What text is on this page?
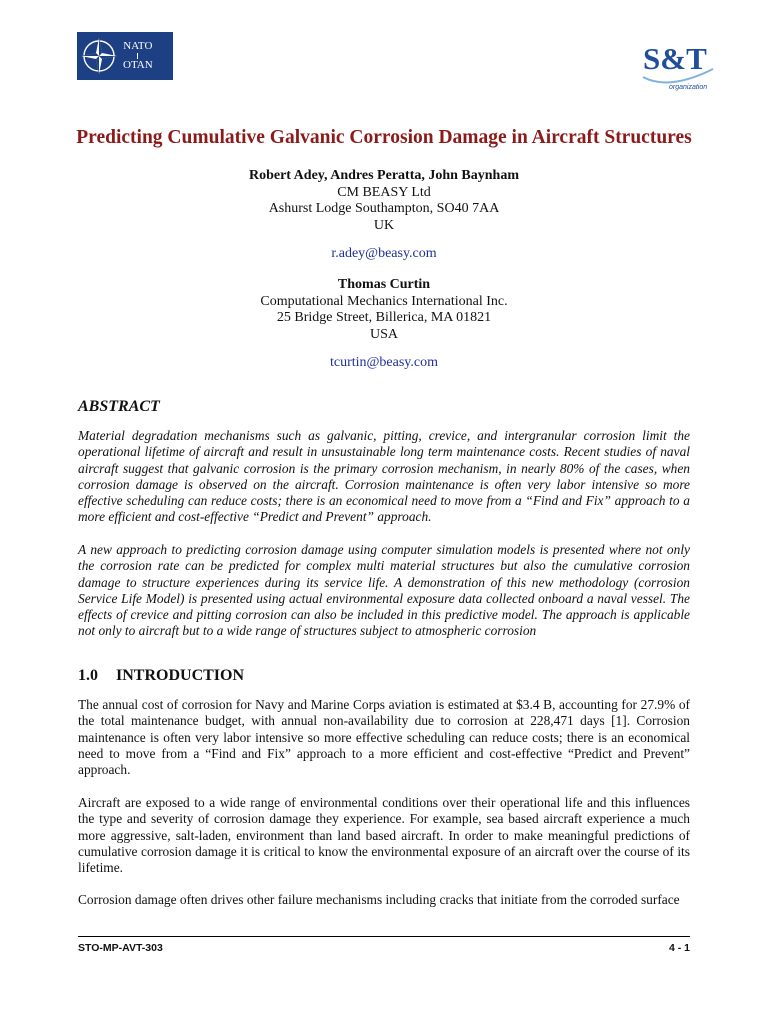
NATO
OTAN	S&T
organization
Predicting Cumulative Galvanic Corrosion Damage in Aircraft Structures
Robert Adey, Andres Peratta, John Baynham
CM BEASY Ltd
Ashurst Lodge Southampton, SO40 7AA
UK
r.adey@beasy.com
Thomas Curtin
Computational Mechanics International Inc.
25 Bridge Street, Billerica, MA 01821
USA
tcurtin@beasy.com
ABSTRACT

Material degradation mechanisms such as galvanic, pitting, crevice, and intergranular corrosion limit the operational lifetime of aircraft and result in unsustainable long term maintenance costs. Recent studies of naval aircraft suggest that galvanic corrosion is the primary corrosion mechanism, in nearly 80% of the cases, when corrosion damage is observed on the aircraft. Corrosion maintenance is often very labor intensive so more effective scheduling can reduce costs; there is an economical need to move from a “Find and Fix” approach to a more efficient and cost-effective “Predict and Prevent” approach.

A new approach to predicting corrosion damage using computer simulation models is presented where not only the corrosion rate can be predicted for complex multi material structures but also the cumulative corrosion damage to structure experiences during its service life. A demonstration of this new methodology (corrosion Service Life Model) is presented using actual environmental exposure data collected onboard a naval vessel. The effects of crevice and pitting corrosion can also be included in this predictive model. The approach is applicable not only to aircraft but to a wide range of structures subject to atmospheric corrosion

1.0 INTRODUCTION

The annual cost of corrosion for Navy and Marine Corps aviation is estimated at $3.4 B, accounting for 27.9% of the total maintenance budget, with annual non-availability due to corrosion at 228,471 days [1]. Corrosion maintenance is often very labor intensive so more effective scheduling can reduce costs; there is an economical need to move from a “Find and Fix” approach to a more efficient and cost-effective “Predict and Prevent” approach.

Aircraft are exposed to a wide range of environmental conditions over their operational life and this influences the type and severity of corrosion damage they experience. For example, sea based aircraft experience a much more aggressive, salt-laden, environment than land based aircraft. In order to make meaningful predictions of cumulative corrosion damage it is critical to know the environmental exposure of an aircraft over the course of its lifetime.

Corrosion damage often drives other failure mechanisms including cracks that initiate from the corroded surface

STO-MP-AVT-303	4 - 1
